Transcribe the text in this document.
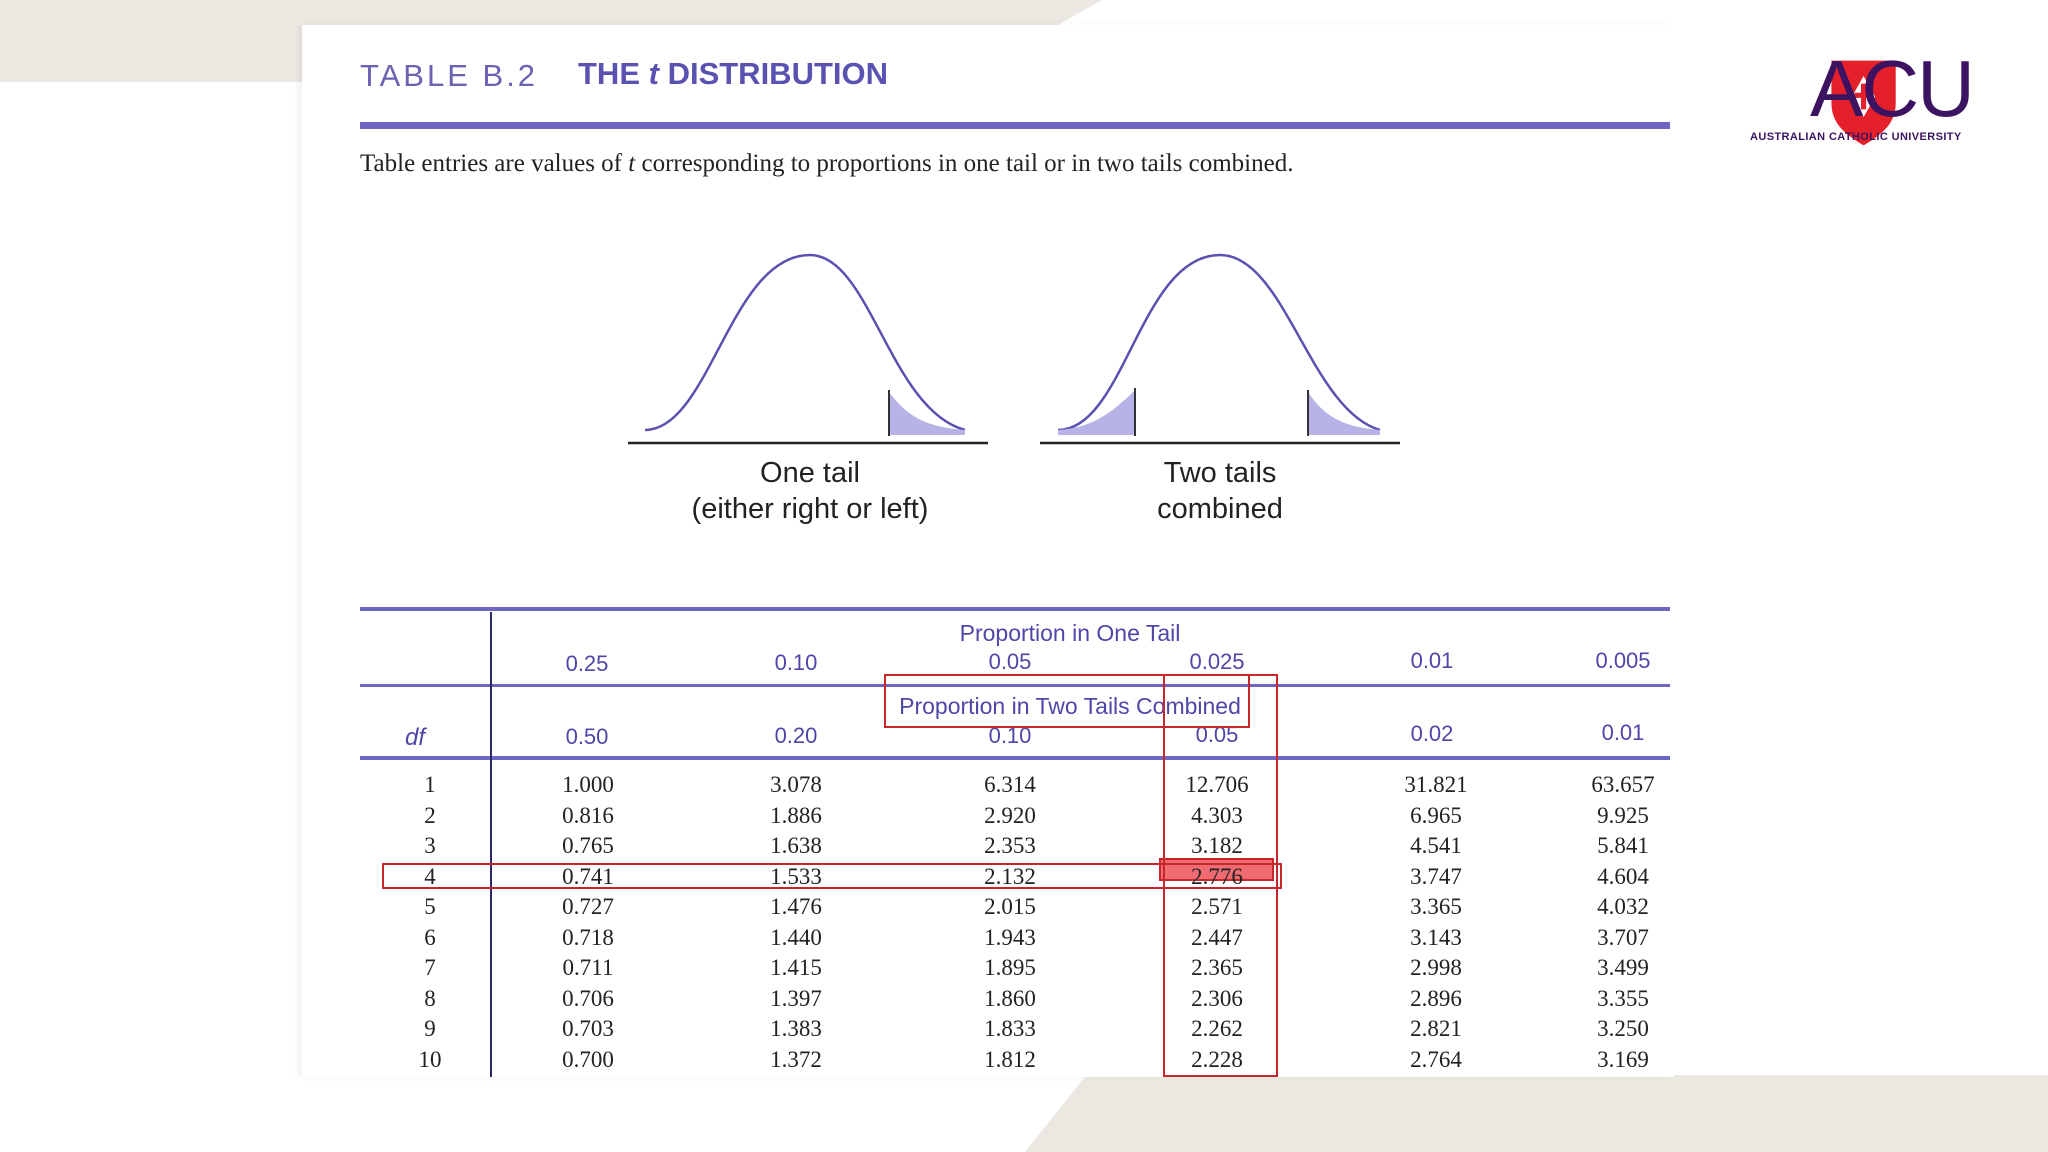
TABLE B.2 THE t DISTRIBUTION
Table entries are values of t corresponding to proportions in one tail or in two tails combined.
One tail
(either right or left)
Two tails
combined
Proportion in One Tail
Proportion in Two Tails Combined
df
0.25	0.10	0.05	0.025	0.01	0.005
0.50	0.20	0.10	0.05	0.02	0.01
1	1.000	3.078	6.314	12.706	31.821	63.657
2	0.816	1.886	2.920	4.303	6.965	9.925
3	0.765	1.638	2.353	3.182	4.541	5.841
4	0.741	1.533	2.132	2.776	3.747	4.604
5	0.727	1.476	2.015	2.571	3.365	4.032
6	0.718	1.440	1.943	2.447	3.143	3.707
7	0.711	1.415	1.895	2.365	2.998	3.499
8	0.706	1.397	1.860	2.306	2.896	3.355
9	0.703	1.383	1.833	2.262	2.821	3.250
10	0.700	1.372	1.812	2.228	2.764	3.169
ACU
AUSTRALIAN CATHOLIC UNIVERSITY
